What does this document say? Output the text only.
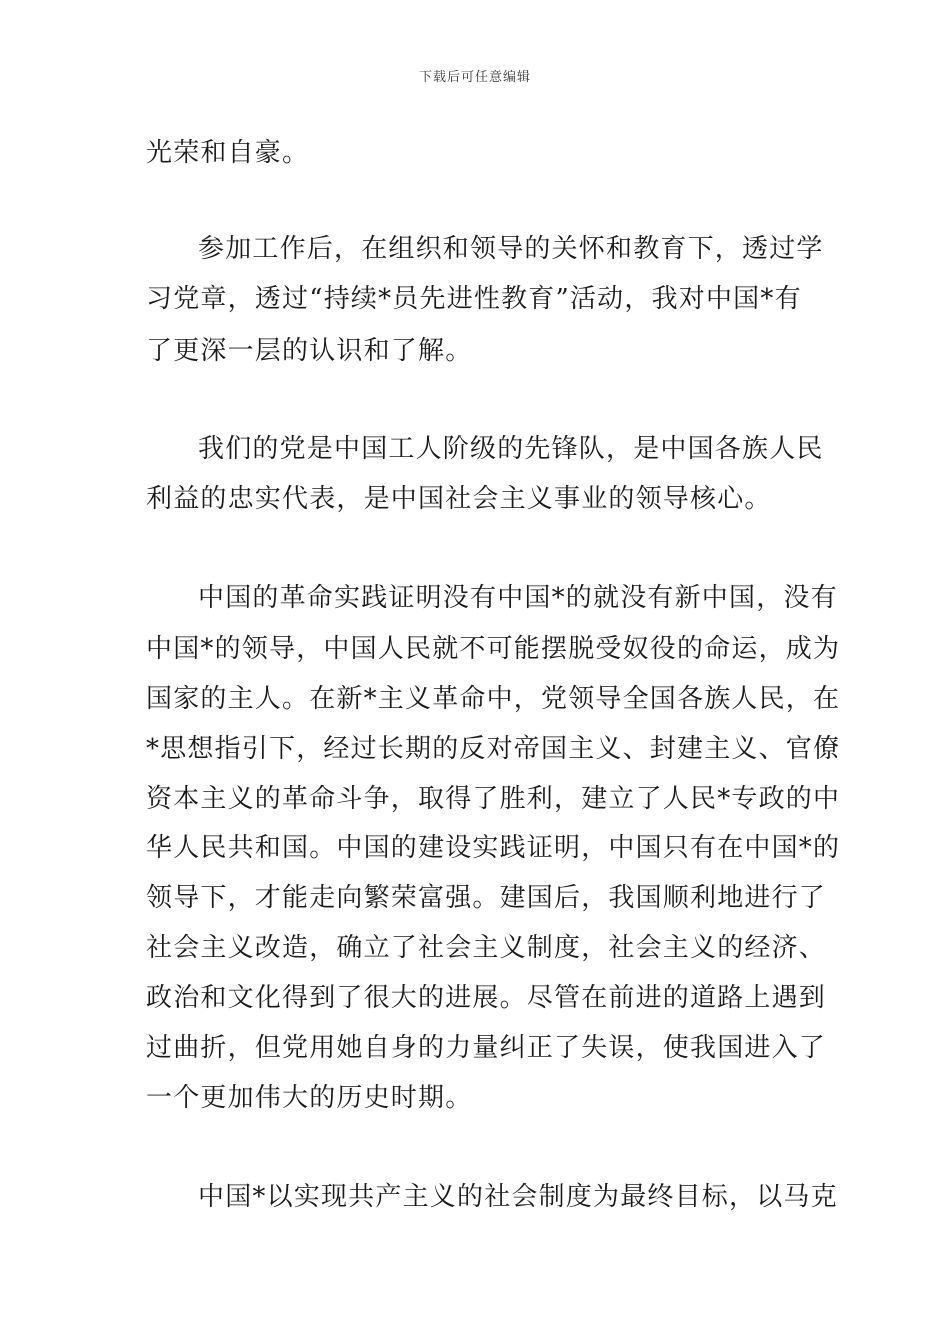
下载后可任意编辑
光荣和自豪。
参加工作后，在组织和领导的关怀和教育下，透过学
习党章，透过“持续*员先进性教育”活动，我对中国*有
了更深一层的认识和了解。
我们的党是中国工人阶级的先锋队，是中国各族人民
利益的忠实代表，是中国社会主义事业的领导核心。
中国的革命实践证明没有中国*的就没有新中国，没有
中国*的领导，中国人民就不可能摆脱受奴役的命运，成为
国家的主人。在新*主义革命中，党领导全国各族人民，在
*思想指引下，经过长期的反对帝国主义、封建主义、官僚
资本主义的革命斗争，取得了胜利，建立了人民*专政的中
华人民共和国。中国的建设实践证明，中国只有在中国*的
领导下，才能走向繁荣富强。建国后，我国顺利地进行了
社会主义改造，确立了社会主义制度，社会主义的经济、
政治和文化得到了很大的进展。尽管在前进的道路上遇到
过曲折，但党用她自身的力量纠正了失误，使我国进入了
一个更加伟大的历史时期。
中国*以实现共产主义的社会制度为最终目标，以马克
